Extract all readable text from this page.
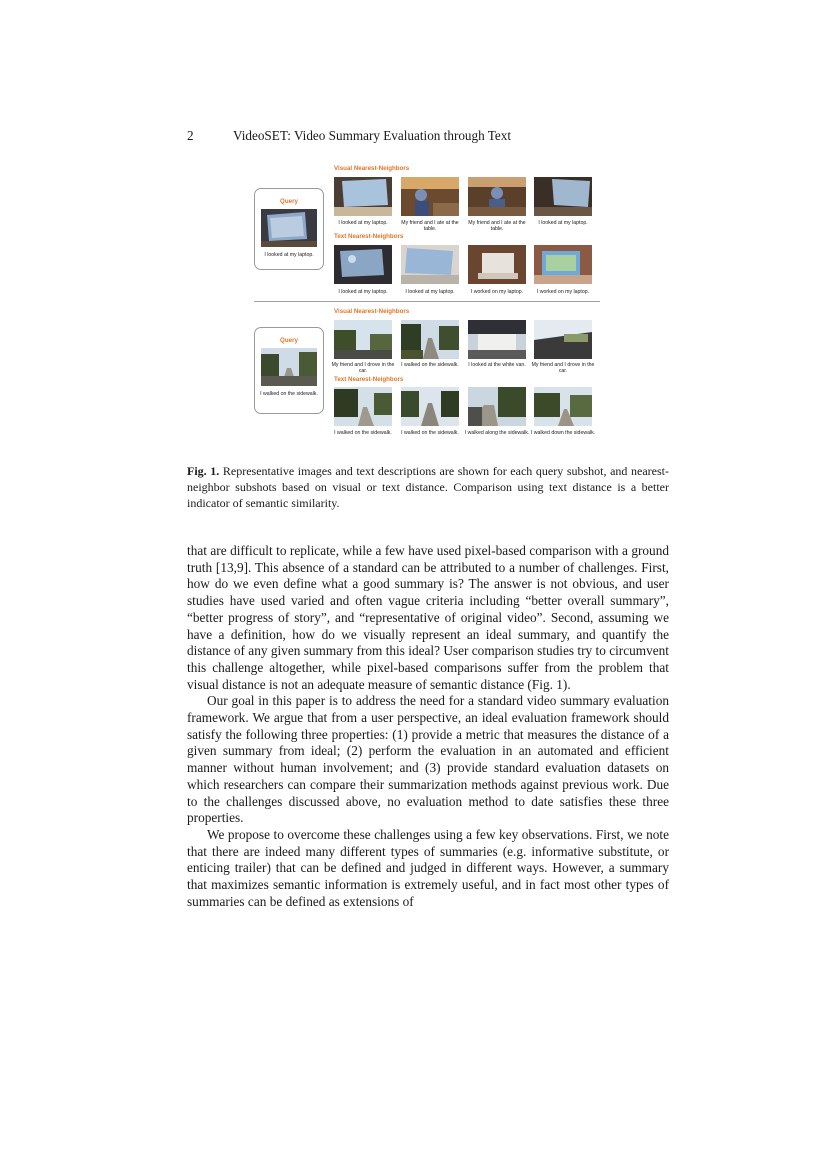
2	VideoSET: Video Summary Evaluation through Text
Visual Nearest-Neighbors
Query
I looked at my laptop.
I looked at my laptop.	My friend and I ate at the table.
My friend and I ate at the table.
I looked at my laptop.
Text Nearest-Neighbors
I looked at my laptop.	I looked at my laptop.	I worked on my laptop.	I worked on my laptop.
Visual Nearest-Neighbors
Query
I walked on the sidewalk.
My friend and I drove in the car.
I walked on the sidewalk.	I looked at the white van.	My friend and I drove in the car.
Text Nearest-Neighbors
I walked on the sidewalk.	I walked on the sidewalk.	I walked along the sidewalk. I walked down the sidewalk.
Fig. 1. Representative images and text descriptions are shown for each query subshot, and nearest-neighbor subshots based on visual or text distance. Comparison using text distance is a better indicator of semantic similarity.

that are difficult to replicate, while a few have used pixel-based comparison with a ground truth [13,9]. This absence of a standard can be attributed to a number of challenges. First, how do we even define what a good summary is? The answer is not obvious, and user studies have used varied and often vague criteria including “better overall summary”, “better progress of story”, and “representative of original video”. Second, assuming we have a definition, how do we visually represent an ideal summary, and quantify the distance of any given summary from this ideal? User comparison studies try to circumvent this challenge altogether, while pixel-based comparisons suffer from the problem that visual distance is not an adequate measure of semantic distance (Fig. 1).

Our goal in this paper is to address the need for a standard video summary evaluation framework. We argue that from a user perspective, an ideal evaluation framework should satisfy the following three properties: (1) provide a metric that measures the distance of a given summary from ideal; (2) perform the evaluation in an automated and efficient manner without human involvement; and (3) provide standard evaluation datasets on which researchers can compare their summarization methods against previous work. Due to the challenges discussed above, no evaluation method to date satisfies these three properties.

We propose to overcome these challenges using a few key observations. First, we note that there are indeed many different types of summaries (e.g. informative substitute, or enticing trailer) that can be defined and judged in different ways. However, a summary that maximizes semantic information is extremely useful, and in fact most other types of summaries can be defined as extensions of
